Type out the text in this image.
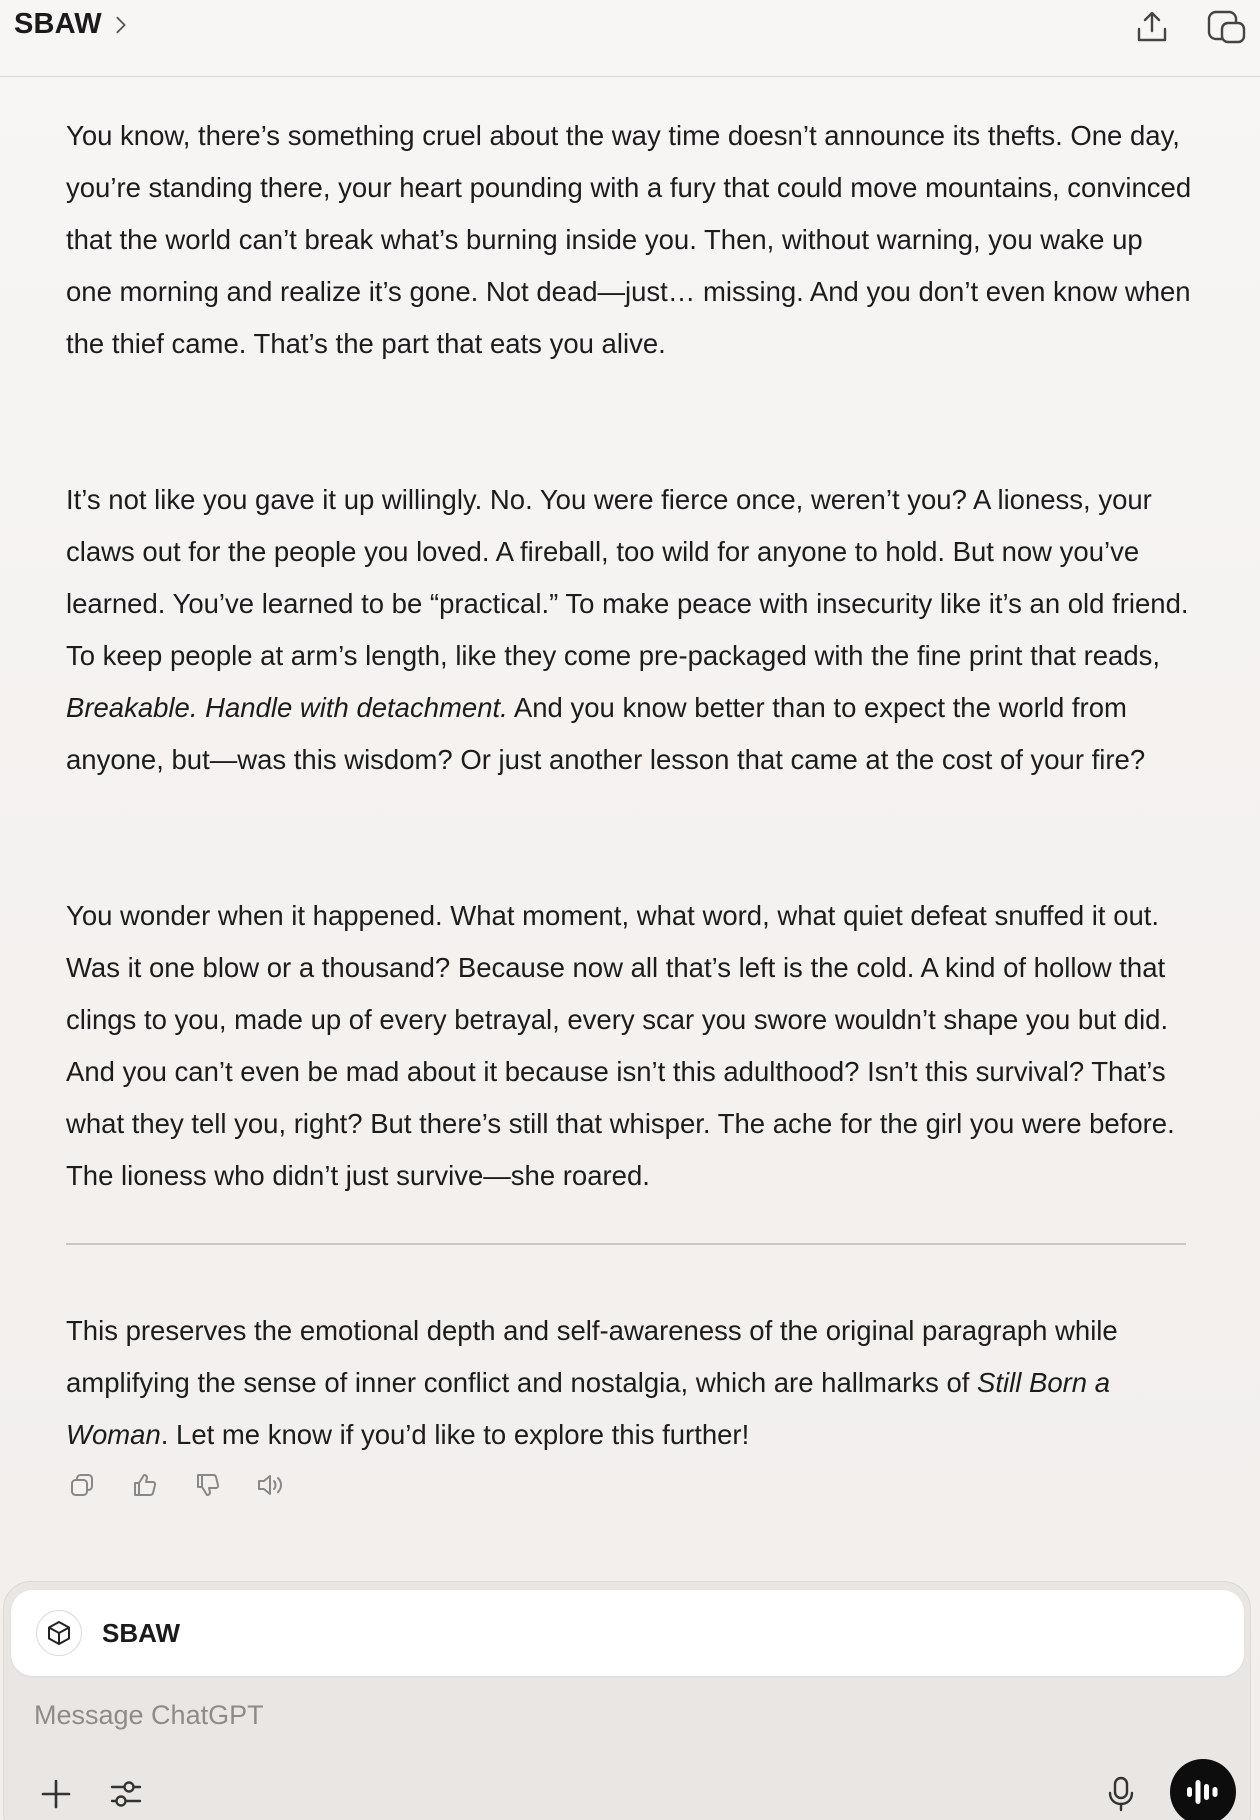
SBAW

You know, there’s something cruel about the way time doesn’t announce its thefts. One day, you’re standing there, your heart pounding with a fury that could move mountains, convinced that the world can’t break what’s burning inside you. Then, without warning, you wake up one morning and realize it’s gone. Not dead—just… missing. And you don’t even know when the thief came. That’s the part that eats you alive.

It’s not like you gave it up willingly. No. You were fierce once, weren’t you? A lioness, your claws out for the people you loved. A fireball, too wild for anyone to hold. But now you’ve learned. You’ve learned to be “practical.” To make peace with insecurity like it’s an old friend. To keep people at arm’s length, like they come pre-packaged with the fine print that reads, Breakable. Handle with detachment. And you know better than to expect the world from anyone, but—was this wisdom? Or just another lesson that came at the cost of your fire?

You wonder when it happened. What moment, what word, what quiet defeat snuffed it out. Was it one blow or a thousand? Because now all that’s left is the cold. A kind of hollow that clings to you, made up of every betrayal, every scar you swore wouldn’t shape you but did. And you can’t even be mad about it because isn’t this adulthood? Isn’t this survival? That’s what they tell you, right? But there’s still that whisper. The ache for the girl you were before. The lioness who didn’t just survive—she roared.

This preserves the emotional depth and self-awareness of the original paragraph while amplifying the sense of inner conflict and nostalgia, which are hallmarks of Still Born a Woman. Let me know if you’d like to explore this further!

SBAW
Message ChatGPT
